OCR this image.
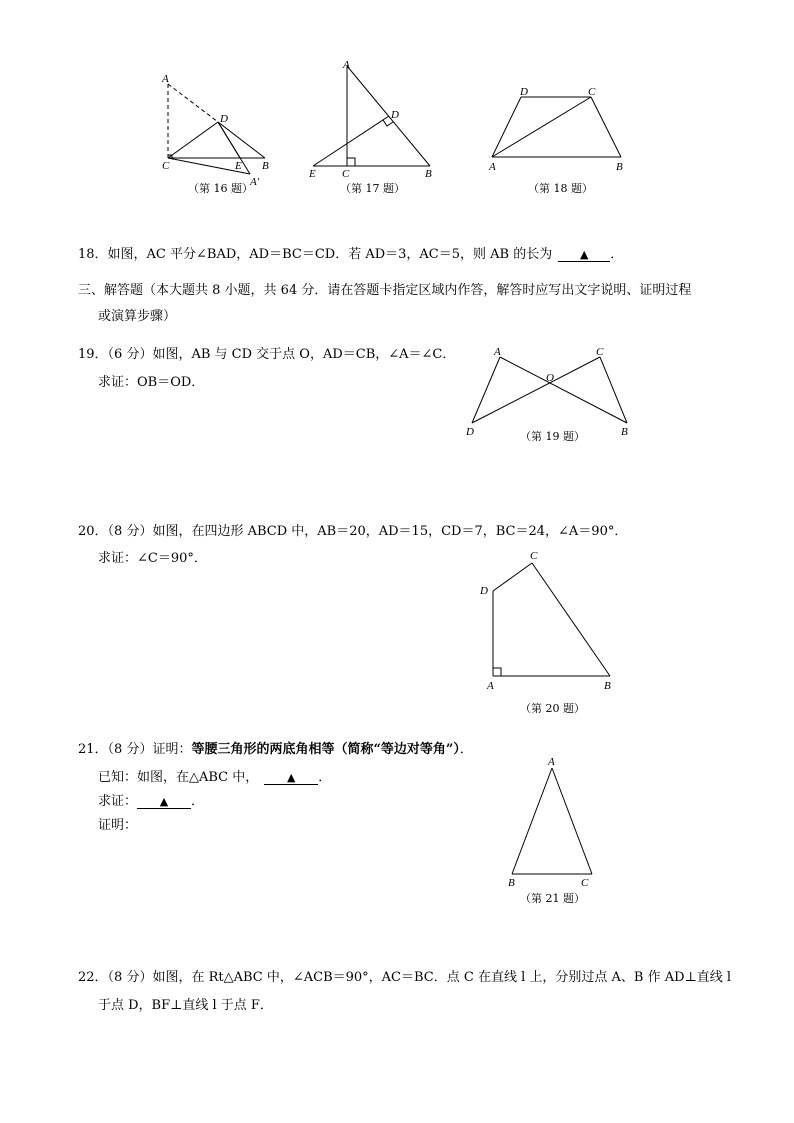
A
D
C	E B
A′
（第 16 题）
A
D
E C	B
（第 17 题）
D	C
A	B
（第 18 题）
18．如图，AC 平分∠BAD，AD＝BC＝CD．若 AD＝3，AC＝5，则 AB 的长为	▲ ．
三、解答题（本大题共 8 小题，共 64 分．请在答题卡指定区域内作答，解答时应写出文字说明、证明过程
或演算步骤）
19．（6 分）如图，AB 与 CD 交于点 O，AD＝CB，∠A＝∠C．
求证：OB＝OD．
A	C
O
D	B
（第 19 题）
20．（8 分）如图，在四边形 ABCD 中，AB＝20，AD＝15，CD＝7，BC＝24，∠A＝90°．
求证：∠C＝90°．	C
D
A	B
（第 20 题）
21．（8 分）证明：等腰三角形的两底角相等（简称“等边对等角”）．
已知：如图，在△ABC 中，	▲ ．
求证： ▲ ．
证明：
A
B	C
（第 21 题）
22．（8 分）如图，在 Rt△ABC 中，∠ACB＝90°，AC＝BC．点 C 在直线 l 上，分别过点 A、B 作 AD⊥直线 l
于点 D，BF⊥直线 l 于点 F．
